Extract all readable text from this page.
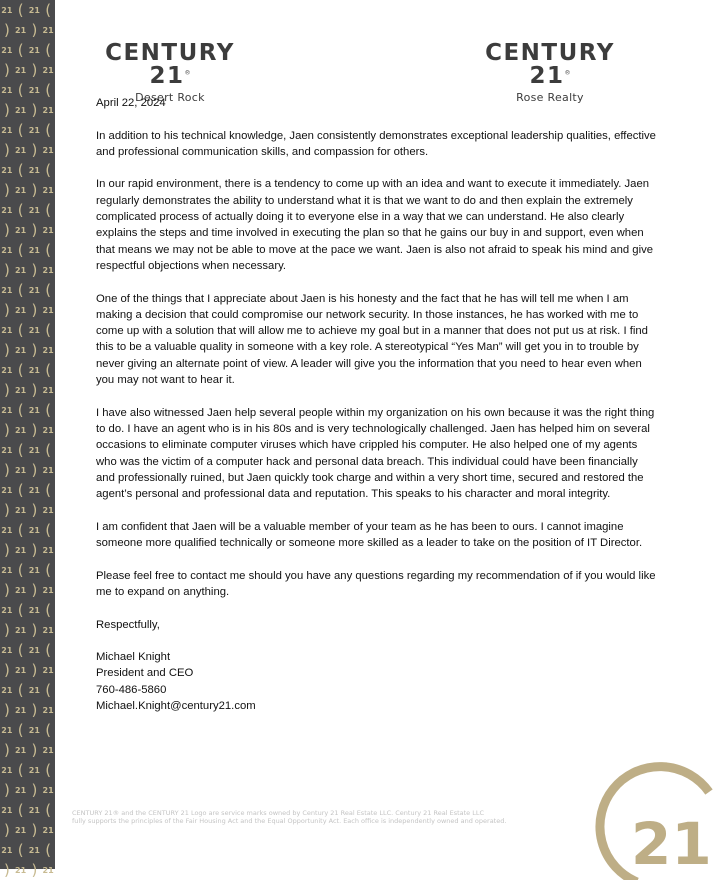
21 ( 21 (
) 21 ) 21
21 ( 21 (
) 21 ) 21
21 ( 21 (
) 21 ) 21
21 ( 21 (
) 21 ) 21
21 ( 21 (
) 21 ) 21
21 ( 21 (
) 21 ) 21
21 ( 21 (
) 21 ) 21
21 ( 21 (
) 21 ) 21
21 ( 21 (
) 21 ) 21
21 ( 21 (
) 21 ) 21
21 ( 21 (
) 21 ) 21
21 ( 21 (
) 21 ) 21
21 ( 21 (
) 21 ) 21
21 ( 21 (
) 21 ) 21
21 ( 21 (
) 21 ) 21
21 ( 21 (
) 21 ) 21
21 ( 21 (
) 21 ) 21
21 ( 21 (
) 21 ) 21
21 ( 21 (
) 21 ) 21
21 ( 21 (
) 21 ) 21
21 ( 21 (
) 21 ) 21
21 ( 21 (
) 21 ) 21
CENTURY 21®
Desert Rock
CENTURY 21®
Rose Realty

April 22, 2024

In addition to his technical knowledge, Jaen consistently demonstrates exceptional leadership qualities, effective and professional communication skills, and compassion for others.

In our rapid environment, there is a tendency to come up with an idea and want to execute it immediately. Jaen regularly demonstrates the ability to understand what it is that we want to do and then explain the extremely complicated process of actually doing it to everyone else in a way that we can understand. He also clearly explains the steps and time involved in executing the plan so that he gains our buy in and support, even when that means we may not be able to move at the pace we want. Jaen is also not afraid to speak his mind and give respectful objections when necessary.

One of the things that I appreciate about Jaen is his honesty and the fact that he has will tell me when I am making a decision that could compromise our network security. In those instances, he has worked with me to come up with a solution that will allow me to achieve my goal but in a manner that does not put us at risk. I find this to be a valuable quality in someone with a key role. A stereotypical “Yes Man” will get you in to trouble by never giving an alternate point of view. A leader will give you the information that you need to hear even when you may not want to hear it.

I have also witnessed Jaen help several people within my organization on his own because it was the right thing to do. I have an agent who is in his 80s and is very technologically challenged. Jaen has helped him on several occasions to eliminate computer viruses which have crippled his computer. He also helped one of my agents who was the victim of a computer hack and personal data breach. This individual could have been financially and professionally ruined, but Jaen quickly took charge and within a very short time, secured and restored the agent’s personal and professional data and reputation. This speaks to his character and moral integrity.

I am confident that Jaen will be a valuable member of your team as he has been to ours. I cannot imagine someone more qualified technically or someone more skilled as a leader to take on the position of IT Director.

Please feel free to contact me should you have any questions regarding my recommendation of if you would like me to expand on anything.

Respectfully,

Michael Knight

President and CEO

760-486-5860

Michael.Knight@century21.com

CENTURY 21® and the CENTURY 21 Logo are service marks owned by Century 21 Real Estate LLC. Century 21 Real Estate LLC
fully supports the principles of the Fair Housing Act and the Equal Opportunity Act. Each office is independently owned and operated.	21
